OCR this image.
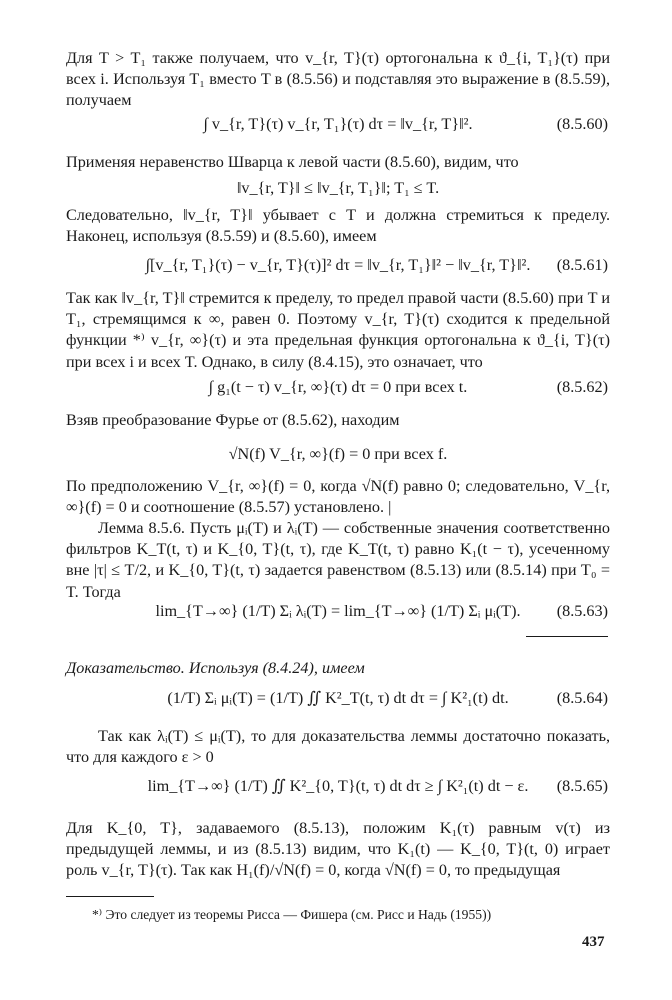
Для T > T₁ также получаем, что v_{r, T}(τ) ортогональна к ϑ_{i, T₁}(τ) при всех i. Используя T₁ вместо T в (8.5.56) и подставляя это выражение в (8.5.59), получаем
∫ v_{r, T}(τ) v_{r, T₁}(τ) dτ = ‖v_{r, T}‖².	(8.5.60)
Применяя неравенство Шварца к левой части (8.5.60), видим, что
‖v_{r, T}‖ ≤ ‖v_{r, T₁}‖; T₁ ≤ T.
Следовательно, ‖v_{r, T}‖ убывает с T и должна стремиться к пределу. Наконец, используя (8.5.59) и (8.5.60), имеем
∫[v_{r, T₁}(τ) − v_{r, T}(τ)]² dτ = ‖v_{r, T₁}‖² − ‖v_{r, T}‖².	(8.5.61)
Так как ‖v_{r, T}‖ стремится к пределу, то предел правой части (8.5.60) при T и T₁, стремящимся к ∞, равен 0. Поэтому v_{r, T}(τ) сходится к предельной функции *⁾ v_{r, ∞}(τ) и эта предельная функция ортогональна к ϑ_{i, T}(τ) при всех i и всех T. Однако, в силу (8.4.15), это означает, что
∫ g₁(t − τ) v_{r, ∞}(τ) dτ = 0 при всех t.	(8.5.62)
Взяв преобразование Фурье от (8.5.62), находим
√N(f) V_{r, ∞}(f) = 0 при всех f.
По предположению V_{r, ∞}(f) = 0, когда √N(f) равно 0; следовательно, V_{r, ∞}(f) = 0 и соотношение (8.5.57) установлено. |
Лемма 8.5.6. Пусть μᵢ(T) и λᵢ(T) — собственные значения соответственно фильтров K_T(t, τ) и K_{0, T}(t, τ), где K_T(t, τ) равно K₁(t − τ), усеченному вне |τ| ≤ T/2, и K_{0, T}(t, τ) задается равенством (8.5.13) или (8.5.14) при T₀ = T. Тогда
lim_{T→∞} (1/T) Σᵢ λᵢ(T) = lim_{T→∞} (1/T) Σᵢ μᵢ(T).	(8.5.63)
Доказательство. Используя (8.4.24), имеем
(1/T) Σᵢ μᵢ(T) = (1/T) ∬ K²_T(t, τ) dt dτ = ∫ K²₁(t) dt.	(8.5.64)
Так как λᵢ(T) ≤ μᵢ(T), то для доказательства леммы достаточно показать, что для каждого ε > 0
lim_{T→∞} (1/T) ∬ K²_{0, T}(t, τ) dt dτ ≥ ∫ K²₁(t) dt − ε.	(8.5.65)
Для K_{0, T}, задаваемого (8.5.13), положим K₁(τ) равным v(τ) из предыдущей леммы, и из (8.5.13) видим, что K₁(t) — K_{0, T}(t, 0) играет роль v_{r, T}(τ). Так как H₁(f)/√N(f) = 0, когда √N(f) = 0, то предыдущая
*⁾ Это следует из теоремы Рисса — Фишера (см. Рисс и Надь (1955))
437
